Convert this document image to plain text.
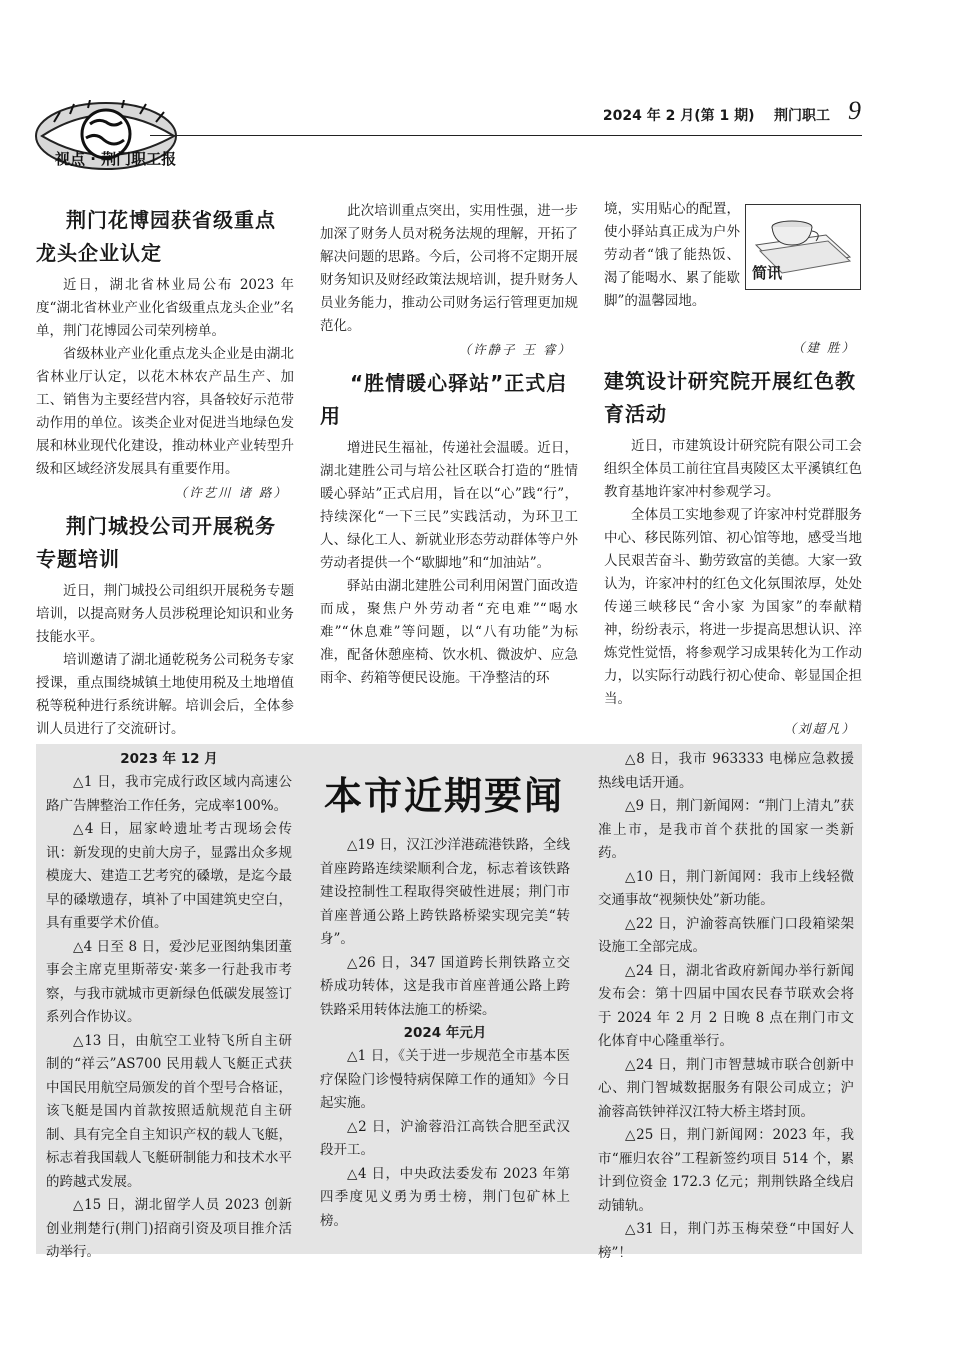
视点 · 荆门职工报
2024 年 2 月(第 1 期) 荆门职工 9
荆门花博园获省级重点龙头企业认定

近日，湖北省林业局公布 2023 年度“湖北省林业产业化省级重点龙头企业”名单，荆门花博园公司荣列榜单。

省级林业产业化重点龙头企业是由湖北省林业厅认定，以花木林农产品生产、加工、销售为主要经营内容，具备较好示范带动作用的单位。该类企业对促进当地绿色发展和林业现代化建设，推动林业产业转型升级和区域经济发展具有重要作用。

（许艺川 诸 路）
荆门城投公司开展税务专题培训

近日，荆门城投公司组织开展税务专题培训，以提高财务人员涉税理论知识和业务技能水平。

培训邀请了湖北通乾税务公司税务专家授课，重点围绕城镇土地使用税及土地增值税等税种进行系统讲解。培训会后，全体参训人员进行了交流研讨。

此次培训重点突出，实用性强，进一步加深了财务人员对税务法规的理解，开拓了解决问题的思路。今后，公司将不定期开展财务知识及财经政策法规培训，提升财务人员业务能力，推动公司财务运行管理更加规范化。

（许静子 王 睿）
“胜情暖心驿站”正式启用

增进民生福祉，传递社会温暖。近日，湖北建胜公司与培公社区联合打造的“胜情暖心驿站”正式启用，旨在以“心”践“行”，持续深化“一下三民”实践活动，为环卫工人、绿化工人、新就业形态劳动群体等户外劳动者提供一个“歇脚地”和“加油站”。

驿站由湖北建胜公司利用闲置门面改造而成，聚焦户外劳动者“充电难”“喝水难”“休息难”等问题，以“八有功能”为标准，配备休憩座椅、饮水机、微波炉、应急雨伞、药箱等便民设施。干净整洁的环

简讯

境，实用贴心的配置，使小驿站真正成为户外劳动者“饿了能热饭、渴了能喝水、累了能歇脚”的温馨园地。

（建 胜）
建筑设计研究院开展红色教育活动

近日，市建筑设计研究院有限公司工会组织全体员工前往宜昌夷陵区太平溪镇红色教育基地许家冲村参观学习。

全体员工实地参观了许家冲村党群服务中心、移民陈列馆、初心馆等地，感受当地人民艰苦奋斗、勤劳致富的美德。大家一致认为，许家冲村的红色文化氛围浓厚，处处传递三峡移民“舍小家 为国家”的奉献精神，纷纷表示，将进一步提高思想认识、淬炼党性觉悟，将参观学习成果转化为工作动力，以实际行动践行初心使命、彰显国企担当。

（刘超凡）
本市近期要闻
2023 年 12 月

△1 日，我市完成行政区域内高速公路广告牌整治工作任务，完成率100%。

△4 日，屈家岭遗址考古现场会传讯：新发现的史前大房子，显露出众多规模庞大、建造工艺考究的磉墩，是迄今最早的磉墩遗存，填补了中国建筑史空白，具有重要学术价值。

△4 日至 8 日，爱沙尼亚图纳集团董事会主席克里斯蒂安·莱多一行赴我市考察，与我市就城市更新绿色低碳发展签订系列合作协议。

△13 日，由航空工业特飞所自主研制的“祥云”AS700 民用载人飞艇正式获中国民用航空局颁发的首个型号合格证，该飞艇是国内首款按照适航规范自主研制、具有完全自主知识产权的载人飞艇，标志着我国载人飞艇研制能力和技术水平的跨越式发展。

△15 日，湖北留学人员 2023 创新创业荆楚行(荆门)招商引资及项目推介活动举行。

△19 日，汉江沙洋港疏港铁路，全线首座跨路连续梁顺利合龙，标志着该铁路建设控制性工程取得突破性进展；荆门市首座普通公路上跨铁路桥梁实现完美“转身”。

△26 日，347 国道跨长荆铁路立交桥成功转体，这是我市首座普通公路上跨铁路采用转体法施工的桥梁。

2024 年元月

△1 日，《关于进一步规范全市基本医疗保险门诊慢特病保障工作的通知》今日起实施。

△2 日，沪渝蓉沿江高铁合肥至武汉段开工。

△4 日，中央政法委发布 2023 年第四季度见义勇为勇士榜，荆门包矿林上榜。

△8 日，我市 963333 电梯应急救援热线电话开通。

△9 日，荆门新闻网：“荆门上清丸”获准上市，是我市首个获批的国家一类新药。

△10 日，荆门新闻网：我市上线轻微交通事故“视频快处”新功能。

△22 日，沪渝蓉高铁雁门口段箱梁架设施工全部完成。

△24 日，湖北省政府新闻办举行新闻发布会：第十四届中国农民春节联欢会将于 2024 年 2 月 2 日晚 8 点在荆门市文化体育中心隆重举行。

△24 日，荆门市智慧城市联合创新中心、荆门智城数据服务有限公司成立；沪渝蓉高铁钟祥汉江特大桥主塔封顶。

△25 日，荆门新闻网：2023 年，我市“雁归农谷”工程新签约项目 514 个，累计到位资金 172.3 亿元；荆荆铁路全线启动铺轨。

△31 日，荆门苏玉梅荣登“中国好人榜”！
